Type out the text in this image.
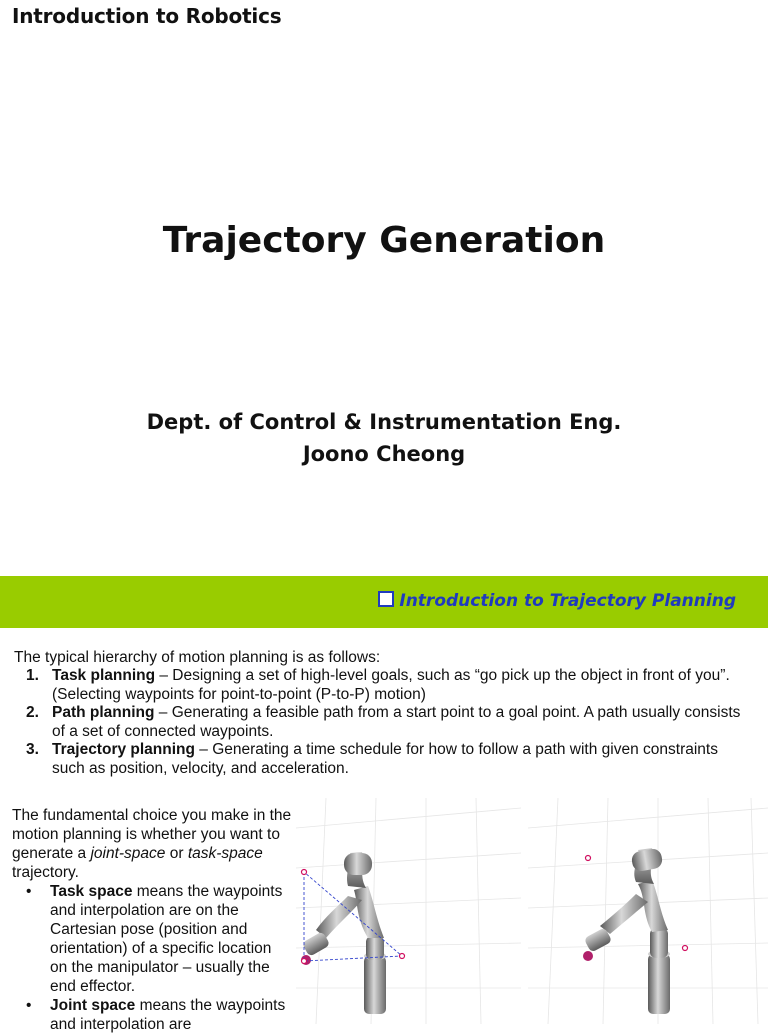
Introduction to Robotics
Trajectory Generation
Dept. of Control & Instrumentation Eng.
Joono Cheong
Introduction to Trajectory Planning
The typical hierarchy of motion planning is as follows:
1. Task planning – Designing a set of high-level goals, such as “go pick up the object in front of you”. (Selecting waypoints for point-to-point (P-to-P) motion)
2. Path planning – Generating a feasible path from a start point to a goal point. A path usually consists of a set of connected waypoints.
3. Trajectory planning – Generating a time schedule for how to follow a path with given constraints such as position, velocity, and acceleration.
The fundamental choice you make in the motion planning is whether you want to generate a joint-space or task-space trajectory.
• Task space means the waypoints and interpolation are on the Cartesian pose (position and orientation) of a specific location on the manipulator – usually the end effector.
• Joint space means the waypoints and interpolation are
